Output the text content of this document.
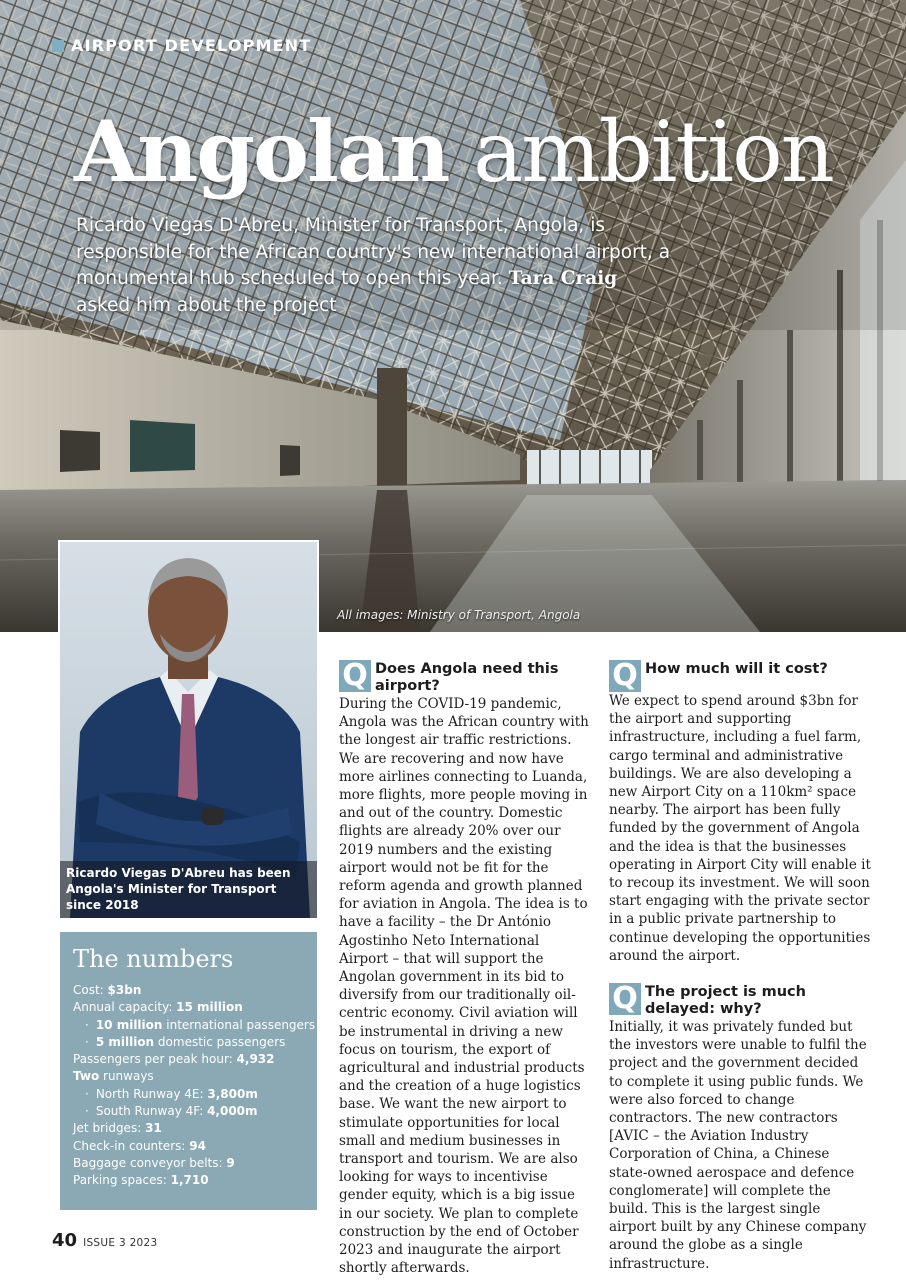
AIRPORT DEVELOPMENT
Angolan ambition
Ricardo Viegas D'Abreu, Minister for Transport, Angola, is responsible for the African country's new international airport, a monumental hub scheduled to open this year. Tara Craig asked him about the project
All images: Ministry of Transport, Angola
Ricardo Viegas D'Abreu has been Angola's Minister for Transport since 2018
The numbers
Cost: $3bn
Annual capacity: 15 million
· 10 million international passengers
· 5 million domestic passengers
Passengers per peak hour: 4,932
Two runways
· North Runway 4E: 3,800m
· South Runway 4F: 4,000m
Jet bridges: 31
Check-in counters: 94
Baggage conveyor belts: 9
Parking spaces: 1,710
Q Does Angola need this airport?

During the COVID-19 pandemic, Angola was the African country with the longest air traffic restrictions. We are recovering and now have more airlines connecting to Luanda, more flights, more people moving in and out of the country. Domestic flights are already 20% over our 2019 numbers and the existing airport would not be fit for the reform agenda and growth planned for aviation in Angola. The idea is to have a facility – the Dr António Agostinho Neto International Airport – that will support the Angolan government in its bid to diversify from our traditionally oil-centric economy. Civil aviation will be instrumental in driving a new focus on tourism, the export of agricultural and industrial products and the creation of a huge logistics base. We want the new airport to stimulate opportunities for local small and medium businesses in transport and tourism. We are also looking for ways to incentivise gender equity, which is a big issue in our society. We plan to complete construction by the end of October 2023 and inaugurate the airport shortly afterwards.

Q How much will it cost?

We expect to spend around $3bn for the airport and supporting infrastructure, including a fuel farm, cargo terminal and administrative buildings. We are also developing a new Airport City on a 110km² space nearby. The airport has been fully funded by the government of Angola and the idea is that the businesses operating in Airport City will enable it to recoup its investment. We will soon start engaging with the private sector in a public private partnership to continue developing the opportunities around the airport.

Q The project is much delayed: why?

Initially, it was privately funded but the investors were unable to fulfil the project and the government decided to complete it using public funds. We were also forced to change contractors. The new contractors [AVIC – the Aviation Industry Corporation of China, a Chinese state-owned aerospace and defence conglomerate] will complete the build. This is the largest single airport built by any Chinese company around the globe as a single infrastructure.

40 ISSUE 3 2023
